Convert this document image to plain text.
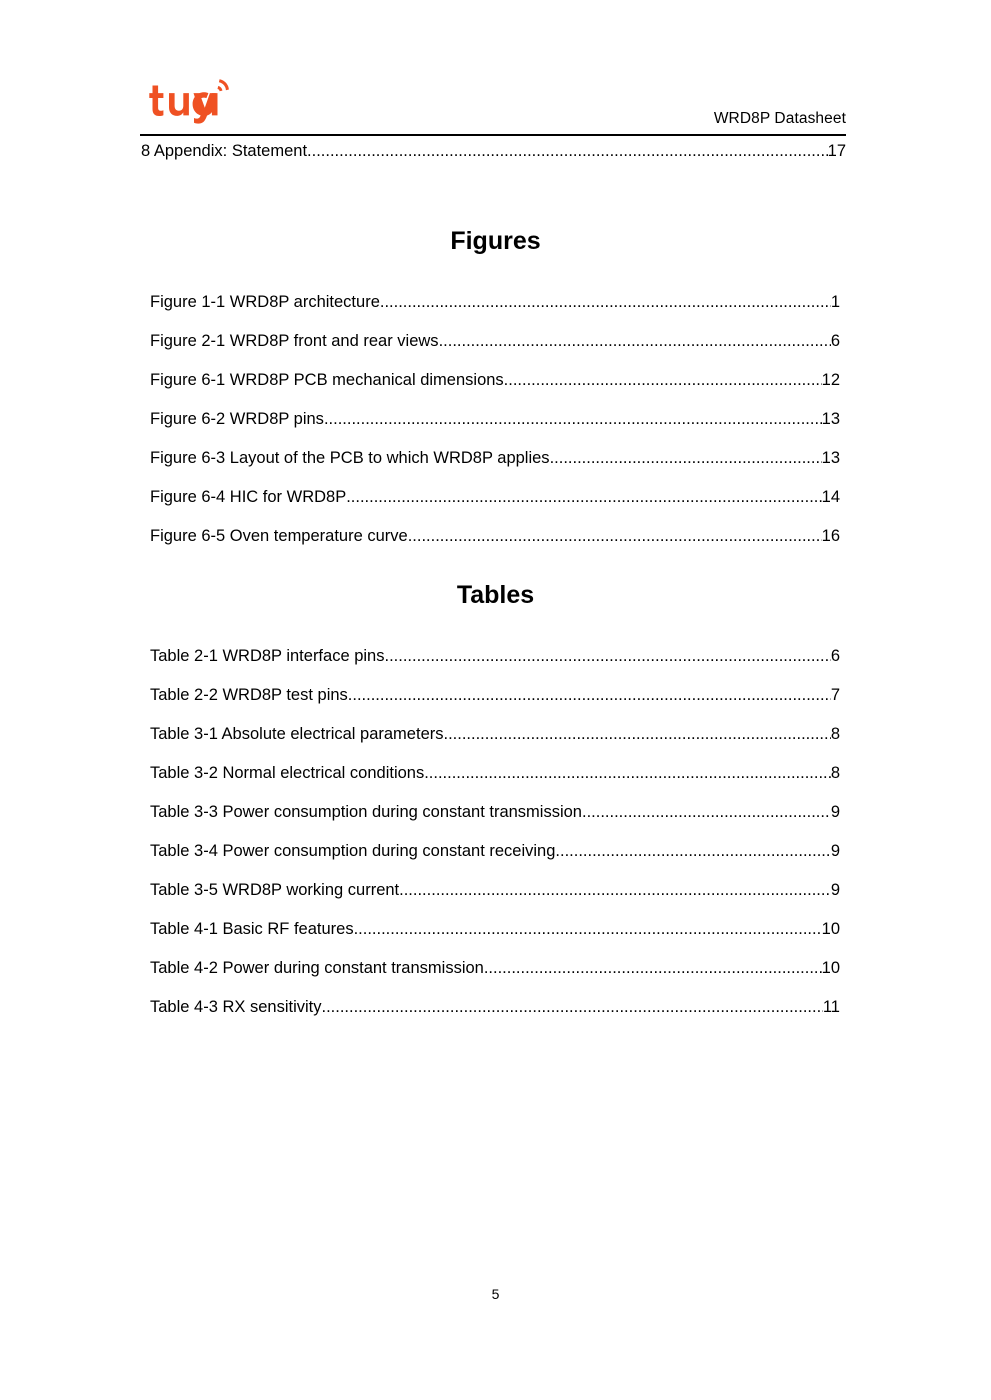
WRD8P Datasheet
8 Appendix: Statement .....	17
Figures
Figure 1-1 WRD8P architecture .....	1
Figure 2-1 WRD8P front and rear views .....	6
Figure 6-1 WRD8P PCB mechanical dimensions .....	12
Figure 6-2 WRD8P pins .....	13
Figure 6-3 Layout of the PCB to which WRD8P applies .....	13
Figure 6-4 HIC for WRD8P .....	14
Figure 6-5 Oven temperature curve .....	16
Tables
Table 2-1 WRD8P interface pins .....	6
Table 2-2 WRD8P test pins .....	7
Table 3-1 Absolute electrical parameters .....	8
Table 3-2 Normal electrical conditions .....	8
Table 3-3 Power consumption during constant transmission .....	9
Table 3-4 Power consumption during constant receiving .....	9
Table 3-5 WRD8P working current .....	9
Table 4-1 Basic RF features .....	10
Table 4-2 Power during constant transmission .....	10
Table 4-3 RX sensitivity .....	11
5
